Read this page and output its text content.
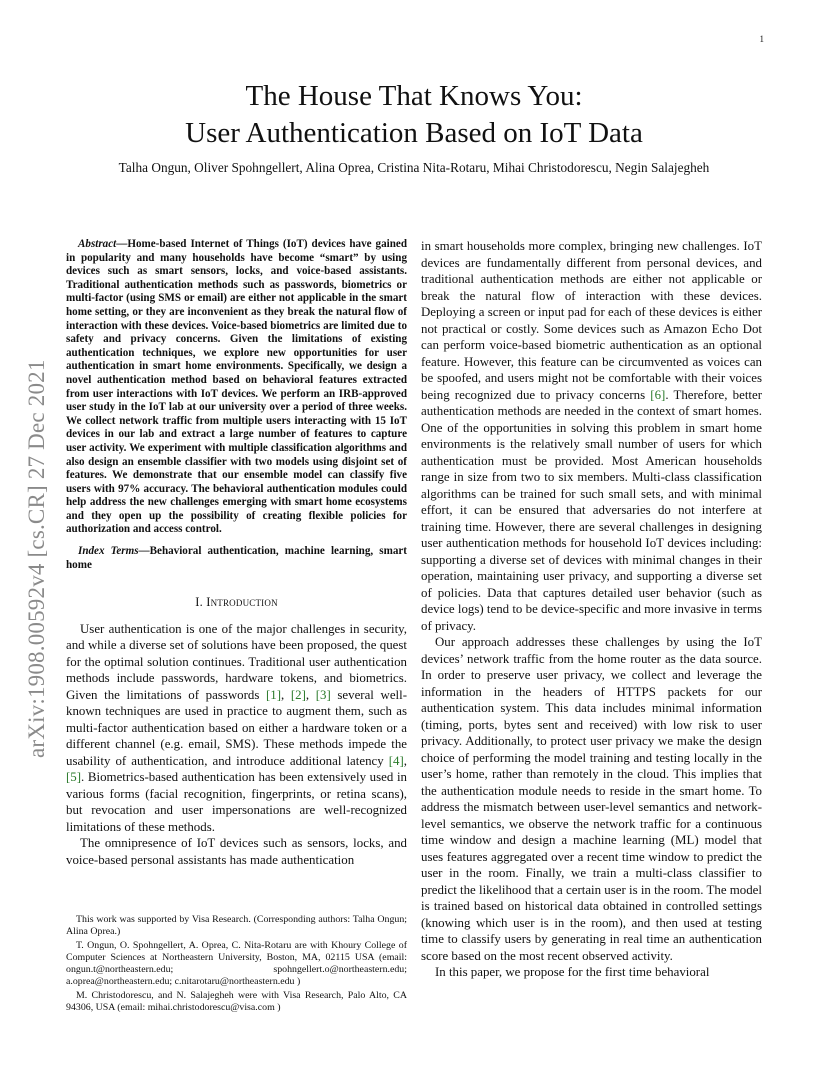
1
arXiv:1908.00592v4 [cs.CR] 27 Dec 2021
The House That Knows You:
User Authentication Based on IoT Data
Talha Ongun, Oliver Spohngellert, Alina Oprea, Cristina Nita-Rotaru, Mihai Christodorescu, Negin Salajegheh

Abstract—Home-based Internet of Things (IoT) devices have gained in popularity and many households have become “smart” by using devices such as smart sensors, locks, and voice-based assistants. Traditional authentication methods such as passwords, biometrics or multi-factor (using SMS or email) are either not applicable in the smart home setting, or they are inconvenient as they break the natural flow of interaction with these devices. Voice-based biometrics are limited due to safety and privacy concerns. Given the limitations of existing authentication techniques, we explore new opportunities for user authentication in smart home environments. Specifically, we design a novel authentication method based on behavioral features extracted from user interactions with IoT devices. We perform an IRB-approved user study in the IoT lab at our university over a period of three weeks. We collect network traffic from multiple users interacting with 15 IoT devices in our lab and extract a large number of features to capture user activity. We experiment with multiple classification algorithms and also design an ensemble classifier with two models using disjoint set of features. We demonstrate that our ensemble model can classify five users with 97% accuracy. The behavioral authentication modules could help address the new challenges emerging with smart home ecosystems and they open up the possibility of creating flexible policies for authorization and access control.

Index Terms—Behavioral authentication, machine learning, smart home

I. Introduction

User authentication is one of the major challenges in security, and while a diverse set of solutions have been proposed, the quest for the optimal solution continues. Traditional user authentication methods include passwords, hardware tokens, and biometrics. Given the limitations of passwords [1], [2], [3] several well-known techniques are used in practice to augment them, such as multi-factor authentication based on either a hardware token or a different channel (e.g. email, SMS). These methods impede the usability of authentication, and introduce additional latency [4], [5]. Biometrics-based authentication has been extensively used in various forms (facial recognition, fingerprints, or retina scans), but revocation and user impersonations are well-recognized limitations of these methods.

The omnipresence of IoT devices such as sensors, locks, and voice-based personal assistants has made authentication

This work was supported by Visa Research. (Corresponding authors: Talha Ongun; Alina Oprea.)

T. Ongun, O. Spohngellert, A. Oprea, C. Nita-Rotaru are with Khoury College of Computer Sciences at Northeastern University, Boston, MA, 02115 USA (email: ongun.t@northeastern.edu; spohngellert.o@northeastern.edu; a.oprea@northeastern.edu; c.nitarotaru@northeastern.edu )

M. Christodorescu, and N. Salajegheh were with Visa Research, Palo Alto, CA 94306, USA (email: mihai.christodorescu@visa.com )

in smart households more complex, bringing new challenges. IoT devices are fundamentally different from personal devices, and traditional authentication methods are either not applicable or break the natural flow of interaction with these devices. Deploying a screen or input pad for each of these devices is either not practical or costly. Some devices such as Amazon Echo Dot can perform voice-based biometric authentication as an optional feature. However, this feature can be circumvented as voices can be spoofed, and users might not be comfortable with their voices being recognized due to privacy concerns [6]. Therefore, better authentication methods are needed in the context of smart homes. One of the opportunities in solving this problem in smart home environments is the relatively small number of users for which authentication must be provided. Most American households range in size from two to six members. Multi-class classification algorithms can be trained for such small sets, and with minimal effort, it can be ensured that adversaries do not interfere at training time. However, there are several challenges in designing user authentication methods for household IoT devices including: supporting a diverse set of devices with minimal changes in their operation, maintaining user privacy, and supporting a diverse set of policies. Data that captures detailed user behavior (such as device logs) tend to be device-specific and more invasive in terms of privacy.

Our approach addresses these challenges by using the IoT devices’ network traffic from the home router as the data source. In order to preserve user privacy, we collect and leverage the information in the headers of HTTPS packets for our authentication system. This data includes minimal information (timing, ports, bytes sent and received) with low risk to user privacy. Additionally, to protect user privacy we make the design choice of performing the model training and testing locally in the user’s home, rather than remotely in the cloud. This implies that the authentication module needs to reside in the smart home. To address the mismatch between user-level semantics and network-level semantics, we observe the network traffic for a continuous time window and design a machine learning (ML) model that uses features aggregated over a recent time window to predict the user in the room. Finally, we train a multi-class classifier to predict the likelihood that a certain user is in the room. The model is trained based on historical data obtained in controlled settings (knowing which user is in the room), and then used at testing time to classify users by generating in real time an authentication score based on the most recent observed activity.

In this paper, we propose for the first time behavioral
